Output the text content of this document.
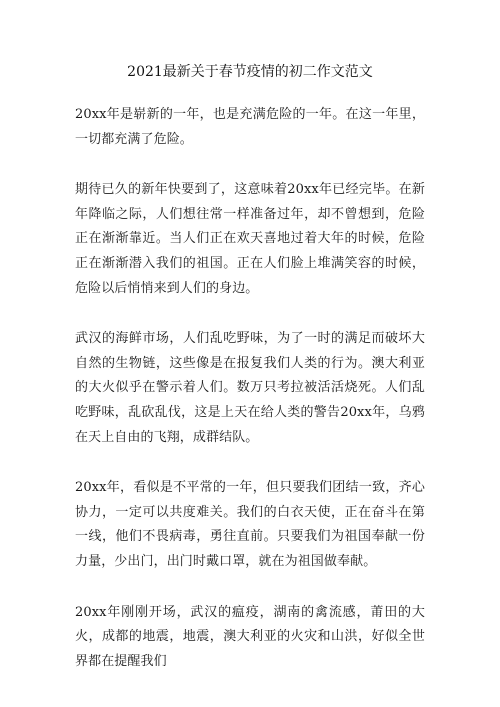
2021最新关于春节疫情的初二作文范文

20xx年是崭新的一年，也是充满危险的一年。在这一年里，一切都充满了危险。

期待已久的新年快要到了，这意味着20xx年已经完毕。在新年降临之际，人们想往常一样准备过年，却不曾想到，危险正在渐渐靠近。当人们正在欢天喜地过着大年的时候，危险正在渐渐潜入我们的祖国。正在人们脸上堆满笑容的时候，危险以后悄悄来到人们的身边。

武汉的海鲜市场，人们乱吃野味，为了一时的满足而破坏大自然的生物链，这些像是在报复我们人类的行为。澳大利亚的大火似乎在警示着人们。数万只考拉被活活烧死。人们乱吃野味，乱砍乱伐，这是上天在给人类的警告20xx年，乌鸦在天上自由的飞翔，成群结队。

20xx年，看似是不平常的一年，但只要我们团结一致，齐心协力，一定可以共度难关。我们的白衣天使，正在奋斗在第一线，他们不畏病毒，勇往直前。只要我们为祖国奉献一份力量，少出门，出门时戴口罩，就在为祖国做奉献。

20xx年刚刚开场，武汉的瘟疫，湖南的禽流感，莆田的大火，成都的地震，地震，澳大利亚的火灾和山洪，好似全世界都在提醒我们
